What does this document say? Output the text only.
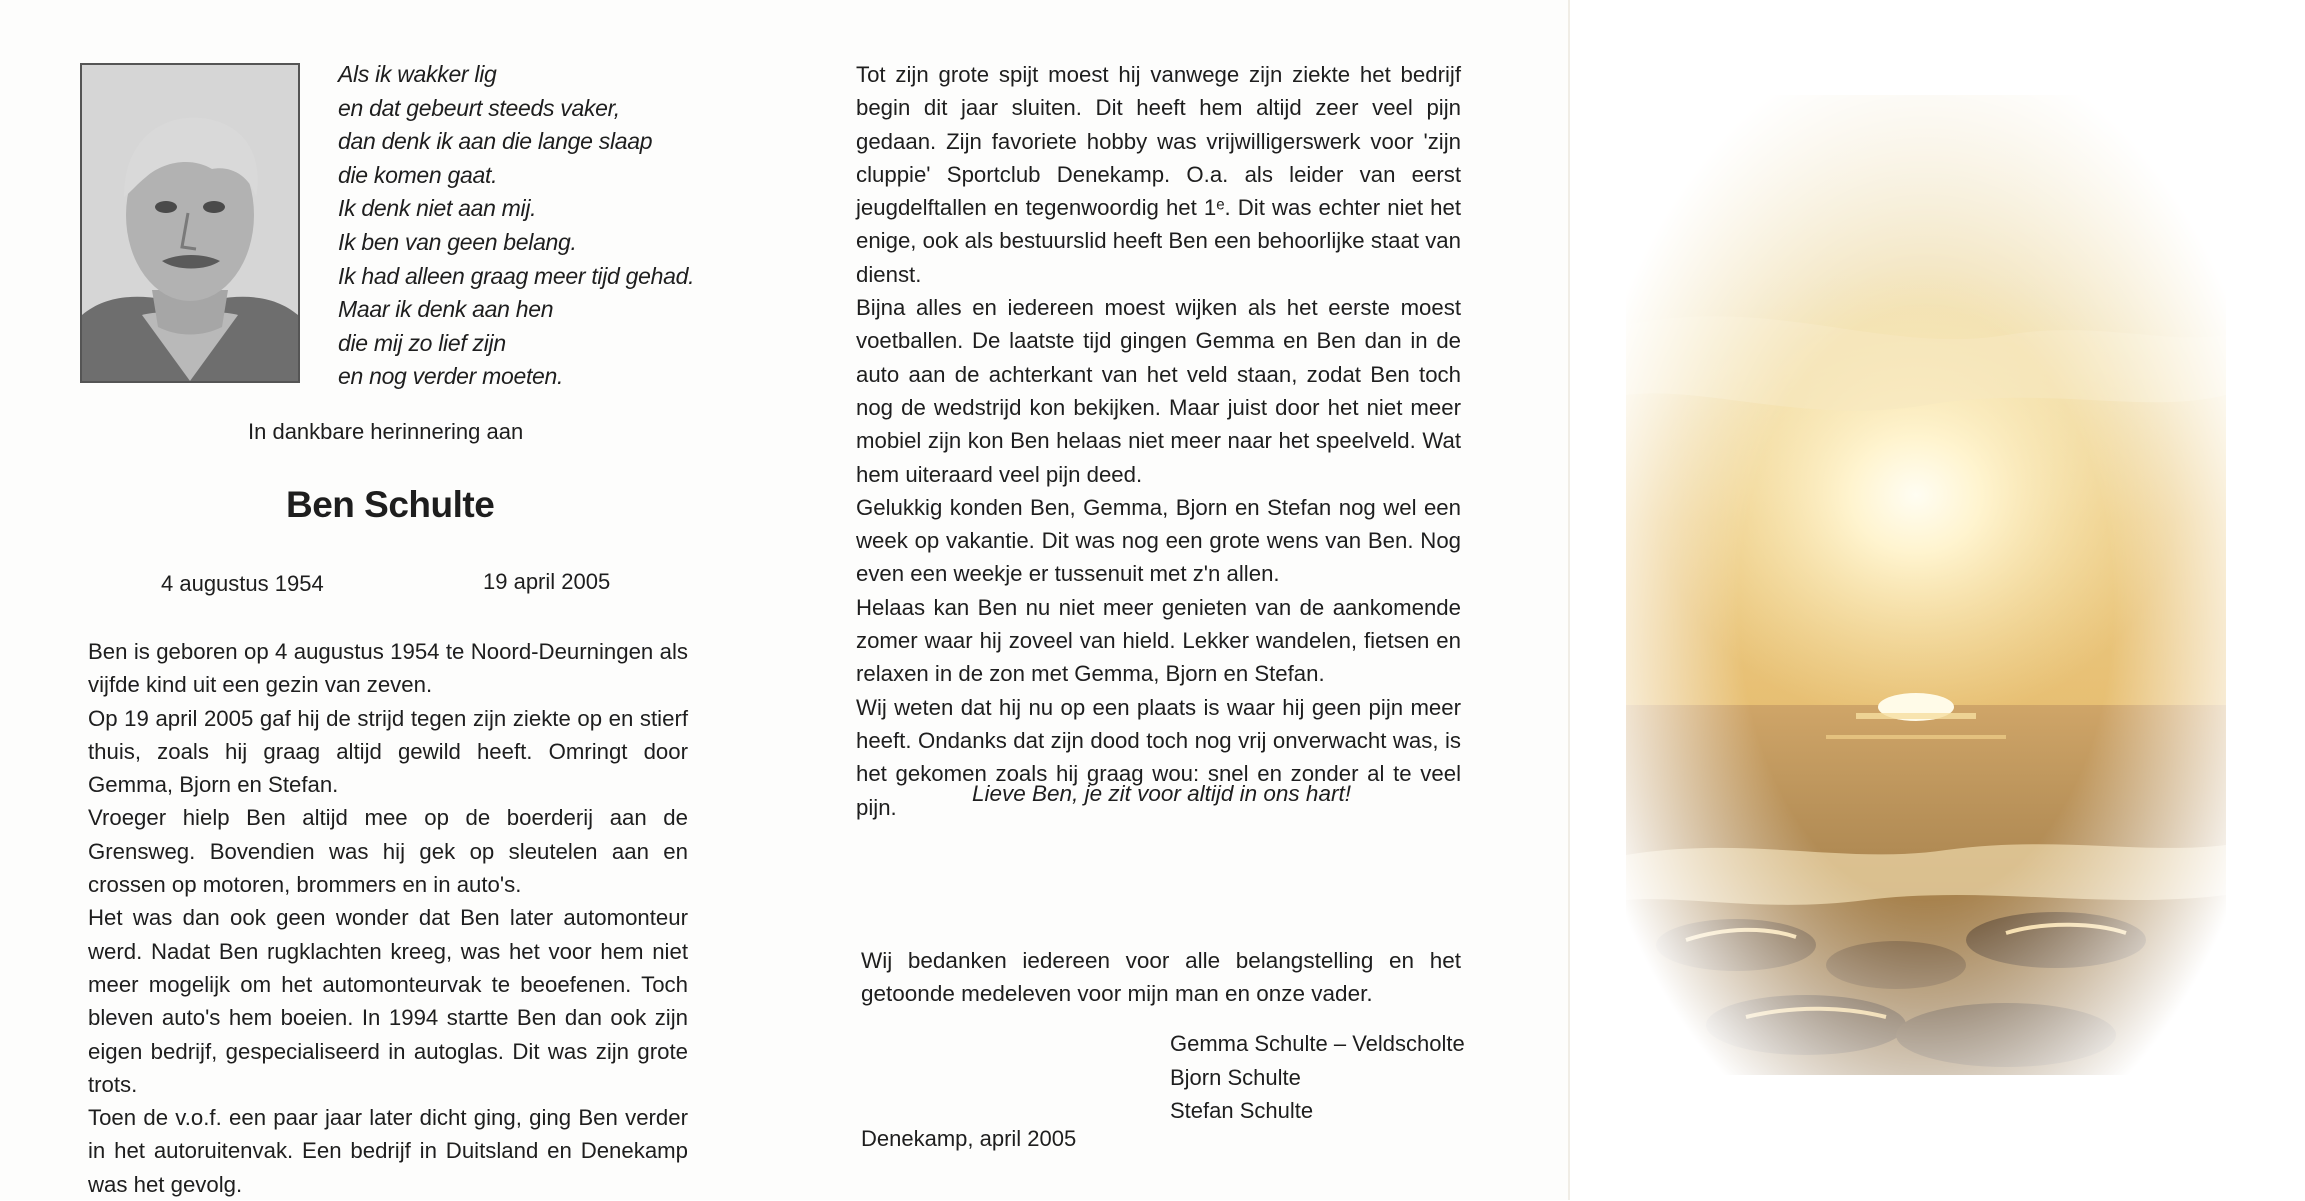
Als ik wakker lig
en dat gebeurt steeds vaker,
dan denk ik aan die lange slaap
die komen gaat.
Ik denk niet aan mij.
Ik ben van geen belang.
Ik had alleen graag meer tijd gehad.
Maar ik denk aan hen
die mij zo lief zijn
en nog verder moeten.
In dankbare herinnering aan
Ben Schulte
4 augustus 1954	19 april 2005

Ben is geboren op 4 augustus 1954 te Noord-Deurningen als vijfde kind uit een gezin van zeven.

Op 19 april 2005 gaf hij de strijd tegen zijn ziekte op en stierf thuis, zoals hij graag altijd gewild heeft. Omringt door Gemma, Bjorn en Stefan.

Vroeger hielp Ben altijd mee op de boerderij aan de Grensweg. Bovendien was hij gek op sleutelen aan en crossen op motoren, brommers en in auto's.

Het was dan ook geen wonder dat Ben later automonteur werd. Nadat Ben rugklachten kreeg, was het voor hem niet meer mogelijk om het automonteurvak te beoefenen. Toch bleven auto's hem boeien. In 1994 startte Ben dan ook zijn eigen bedrijf, gespecialiseerd in autoglas. Dit was zijn grote trots.

Toen de v.o.f. een paar jaar later dicht ging, ging Ben verder in het autoruitenvak. Een bedrijf in Duitsland en Denekamp was het gevolg.

Tot zijn grote spijt moest hij vanwege zijn ziekte het bedrijf begin dit jaar sluiten. Dit heeft hem altijd zeer veel pijn gedaan. Zijn favoriete hobby was vrijwilligerswerk voor 'zijn cluppie' Sportclub Denekamp. O.a. als leider van eerst jeugdelftallen en tegenwoordig het 1ᵉ. Dit was echter niet het enige, ook als bestuurslid heeft Ben een behoorlijke staat van dienst.

Bijna alles en iedereen moest wijken als het eerste moest voetballen. De laatste tijd gingen Gemma en Ben dan in de auto aan de achterkant van het veld staan, zodat Ben toch nog de wedstrijd kon bekijken. Maar juist door het niet meer mobiel zijn kon Ben helaas niet meer naar het speelveld. Wat hem uiteraard veel pijn deed.

Gelukkig konden Ben, Gemma, Bjorn en Stefan nog wel een week op vakantie. Dit was nog een grote wens van Ben. Nog even een weekje er tussenuit met z'n allen.

Helaas kan Ben nu niet meer genieten van de aankomende zomer waar hij zoveel van hield. Lekker wandelen, fietsen en relaxen in de zon met Gemma, Bjorn en Stefan.

Wij weten dat hij nu op een plaats is waar hij geen pijn meer heeft. Ondanks dat zijn dood toch nog vrij onverwacht was, is het gekomen zoals hij graag wou: snel en zonder al te veel pijn.

Lieve Ben, je zit voor altijd in ons hart!
Wij bedanken iedereen voor alle belangstelling en het getoonde medeleven voor mijn man en onze vader.
Gemma Schulte – Veldscholte
Bjorn Schulte
Stefan Schulte
Denekamp, april 2005
